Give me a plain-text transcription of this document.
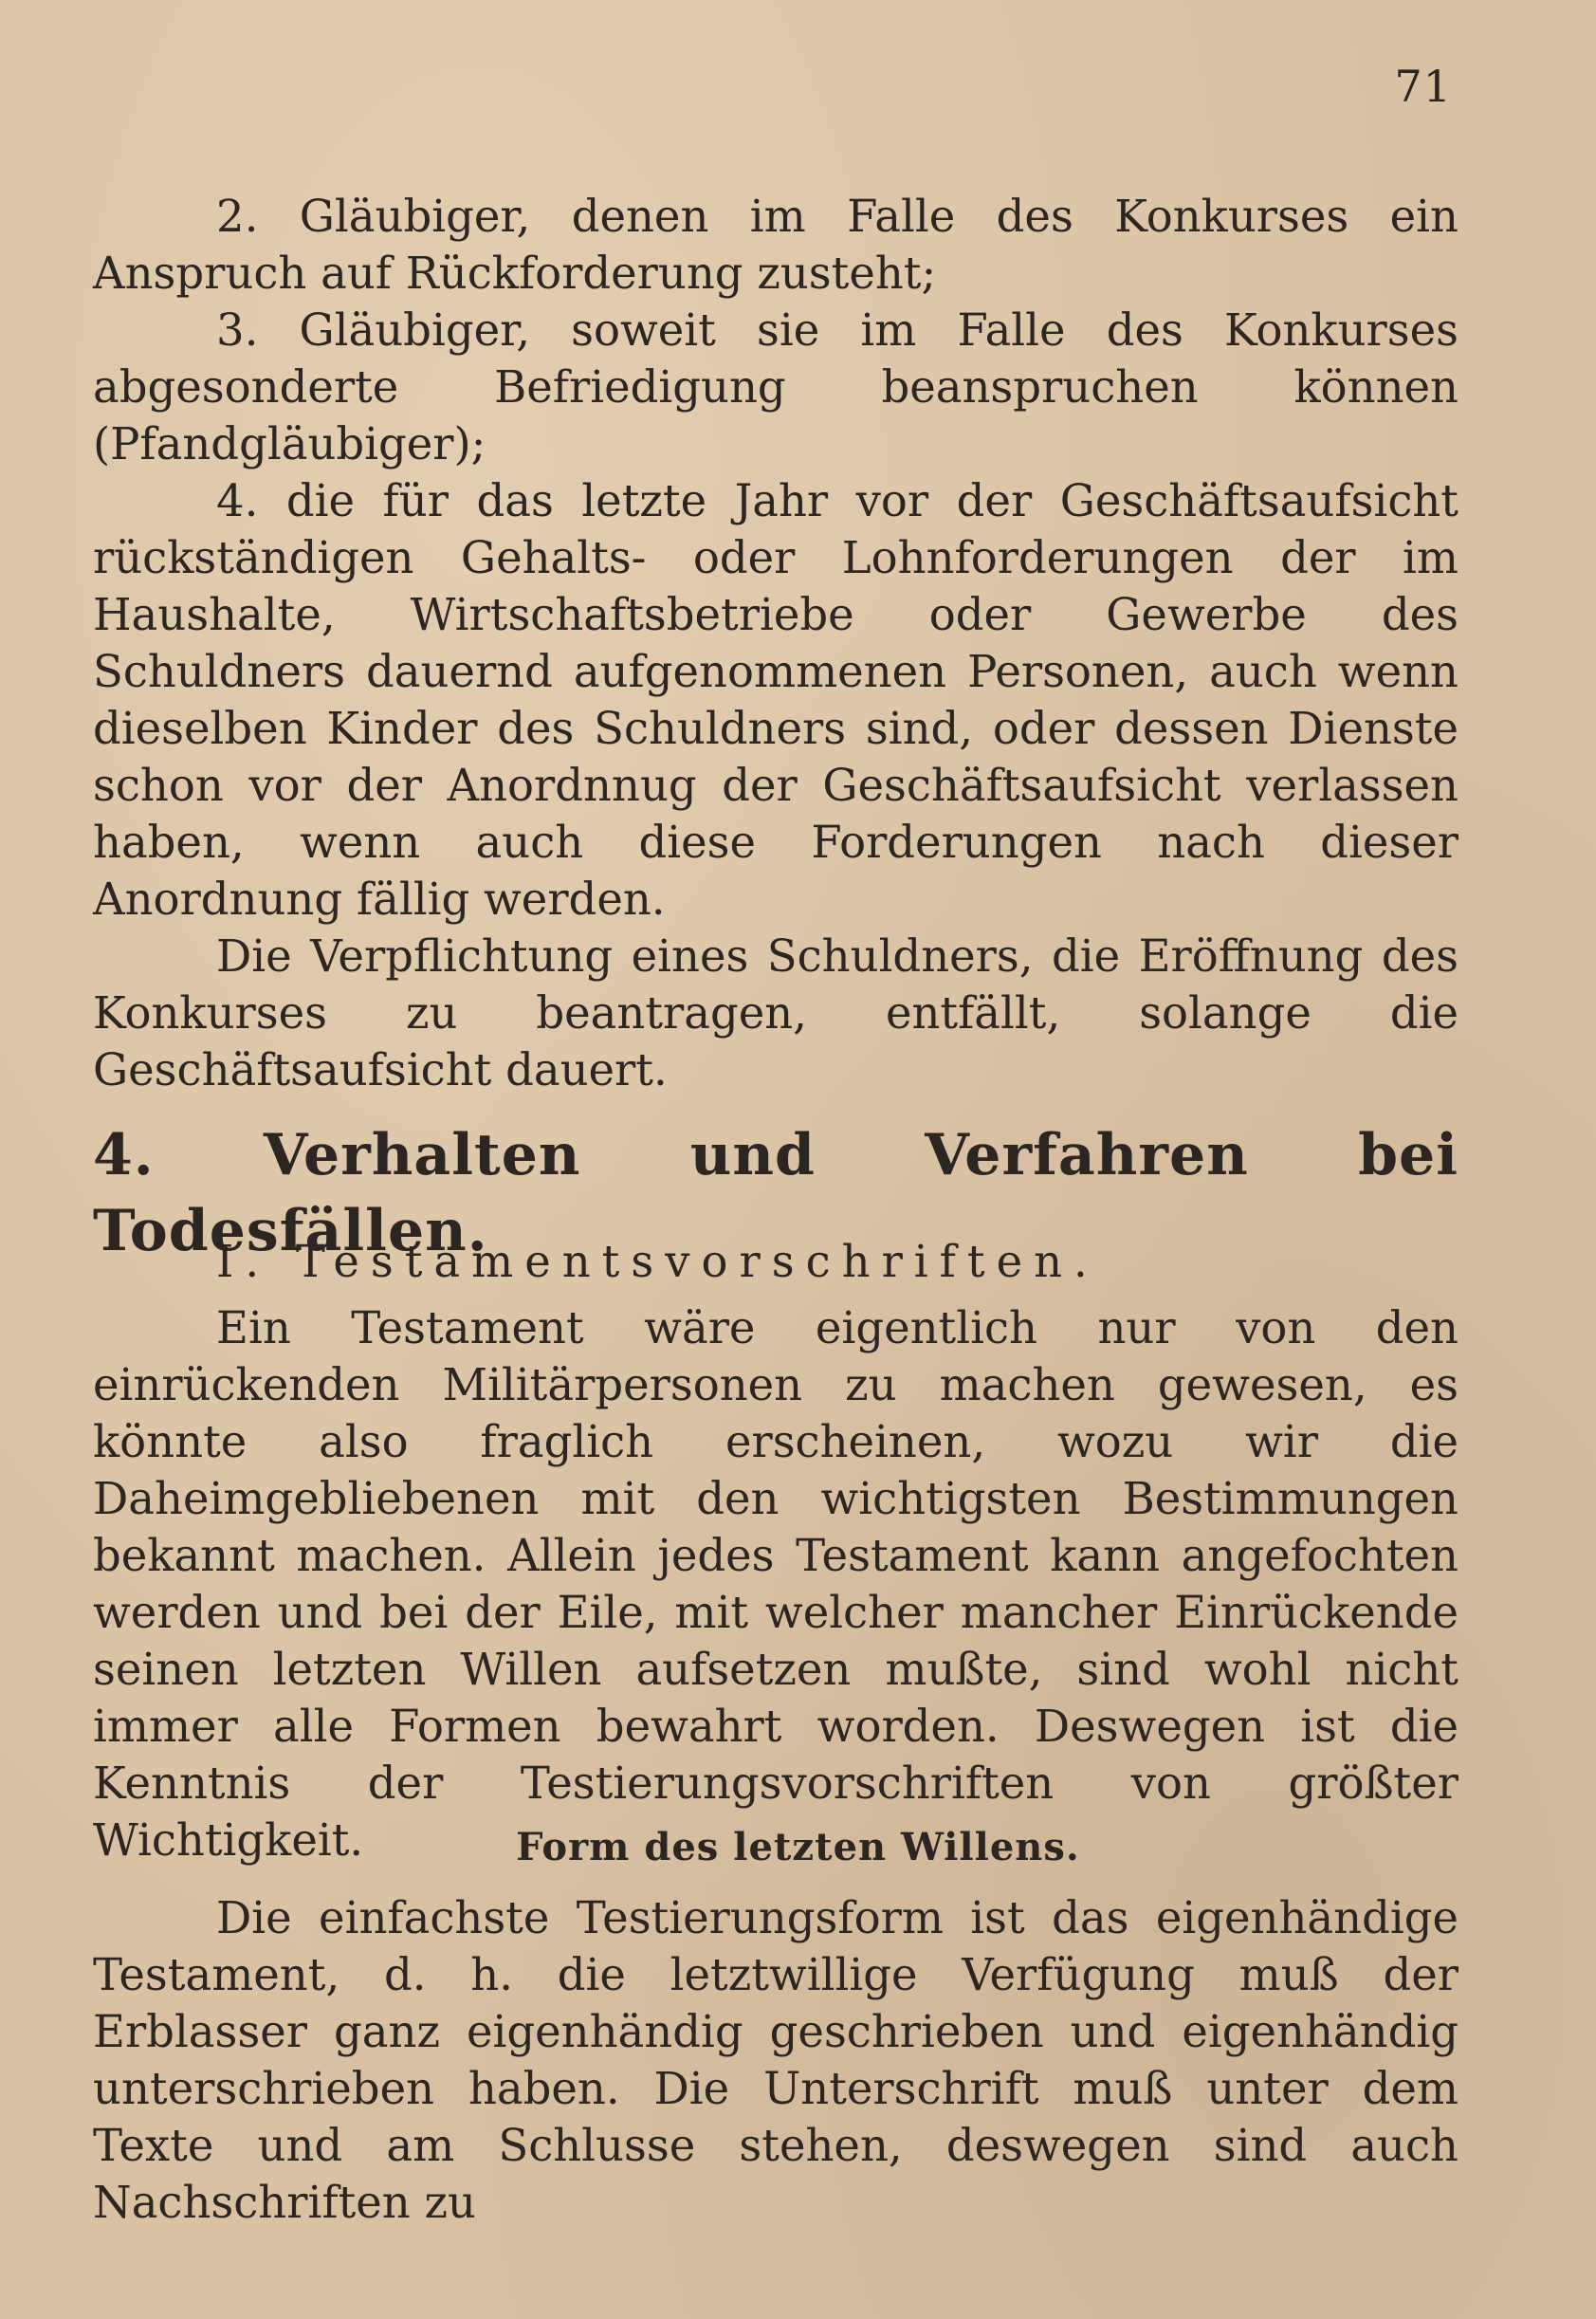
71

2. Gläubiger, denen im Falle des Konkurses ein Anspruch auf Rückforderung zusteht;

3. Gläubiger, soweit sie im Falle des Konkurses abgesonderte Befriedigung beanspruchen können (Pfandgläubiger);

4. die für das letzte Jahr vor der Geschäftsaufsicht rückständigen Gehalts- oder Lohnforderungen der im Haushalte, Wirtschaftsbetriebe oder Gewerbe des Schuldners dauernd aufgenommenen Personen, auch wenn dieselben Kinder des Schuldners sind, oder dessen Dienste schon vor der Anordnnug der Geschäftsaufsicht verlassen haben, wenn auch diese Forderungen nach dieser Anordnung fällig werden.

Die Verpflichtung eines Schuldners, die Eröffnung des Konkurses zu beantragen, entfällt, solange die Geschäftsaufsicht dauert.

4. Verhalten und Verfahren bei Todesfällen.
I. Testamentsvorschriften.

Ein Testament wäre eigentlich nur von den einrückenden Militärpersonen zu machen gewesen, es könnte also fraglich erscheinen, wozu wir die Daheimgebliebenen mit den wichtigsten Bestimmungen bekannt machen. Allein jedes Testament kann angefochten werden und bei der Eile, mit welcher mancher Einrückende seinen letzten Willen aufsetzen mußte, sind wohl nicht immer alle Formen bewahrt worden. Deswegen ist die Kenntnis der Testierungsvorschriften von größter Wichtigkeit.	Form des letzten Willens.

Die einfachste Testierungsform ist das eigenhändige Testament, d. h. die letztwillige Verfügung muß der Erblasser ganz eigenhändig geschrieben und eigenhändig unterschrieben haben. Die Unterschrift muß unter dem Texte und am Schlusse stehen, deswegen sind auch Nachschriften zu
